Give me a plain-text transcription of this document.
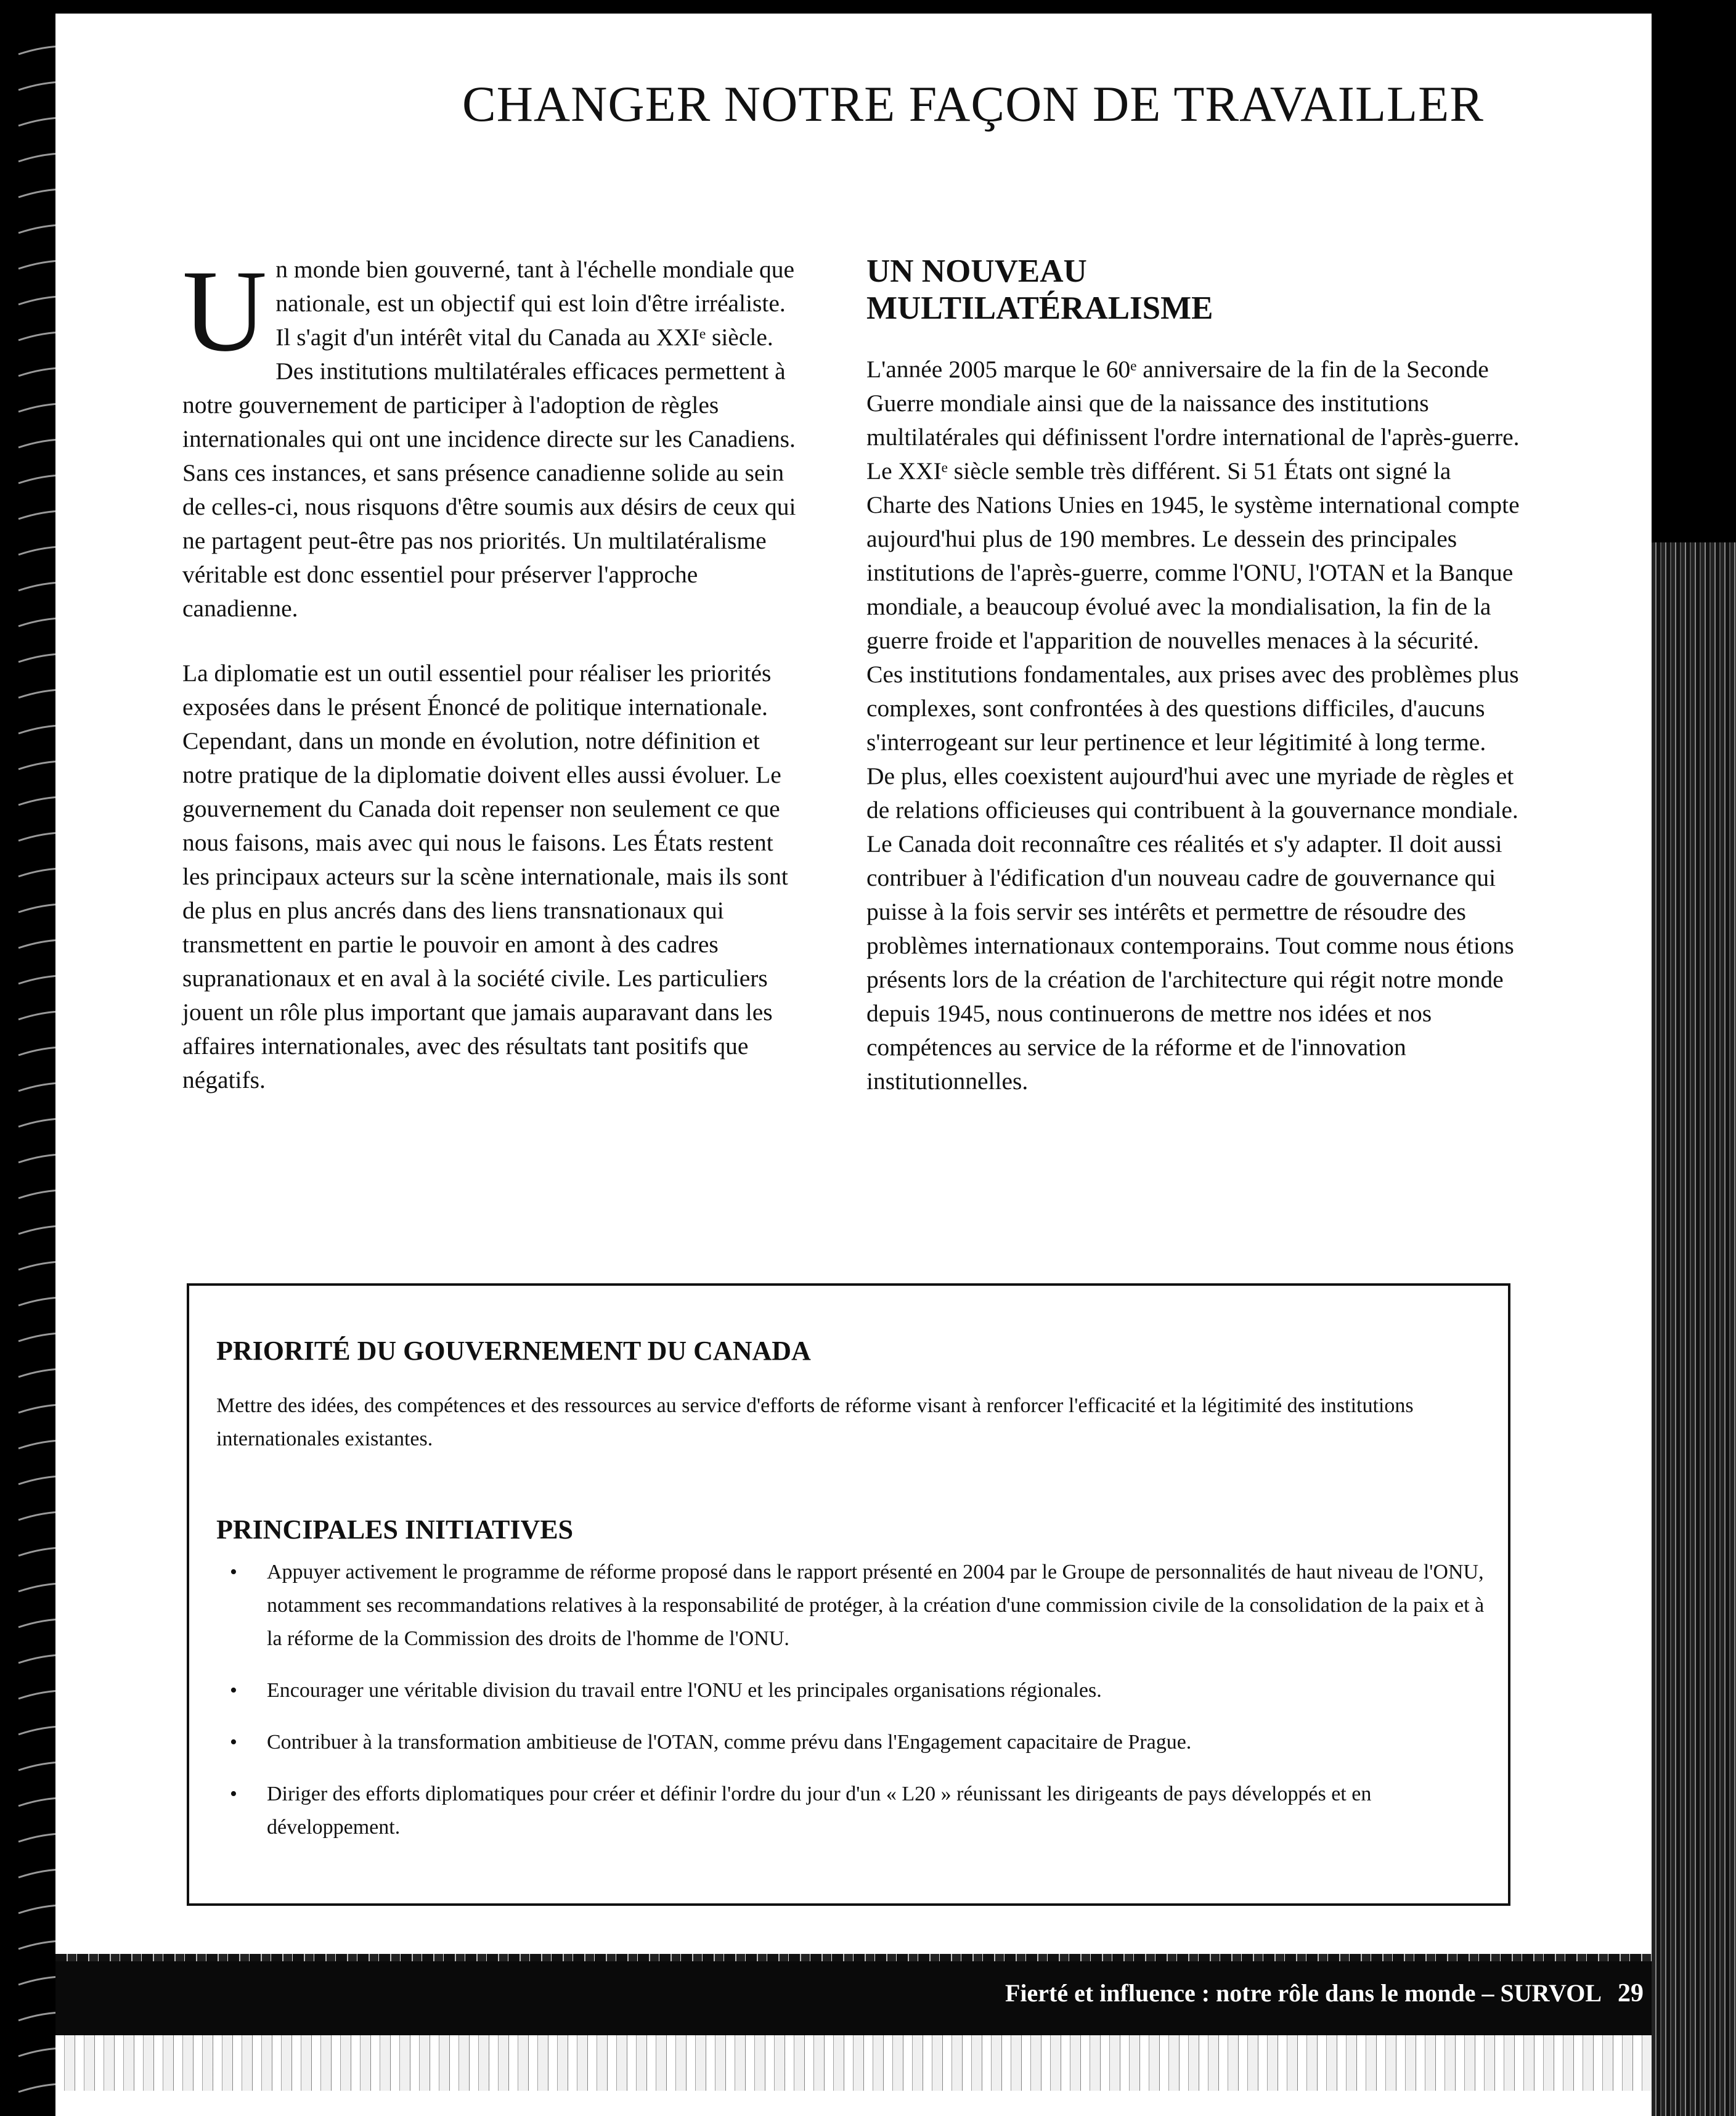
CHANGER NOTRE FAÇON DE TRAVAILLER

Un monde bien gouverné, tant à l'échelle mondiale que nationale, est un objectif qui est loin d'être irréaliste. Il s'agit d'un intérêt vital du Canada au XXIᵉ siècle. Des institutions multilatérales efficaces permettent à notre gouvernement de participer à l'adoption de règles internationales qui ont une incidence directe sur les Canadiens. Sans ces instances, et sans présence canadienne solide au sein de celles-ci, nous risquons d'être soumis aux désirs de ceux qui ne partagent peut-être pas nos priorités. Un multilatéralisme véritable est donc essentiel pour préserver l'approche canadienne.

La diplomatie est un outil essentiel pour réaliser les priorités exposées dans le présent Énoncé de politique internationale. Cependant, dans un monde en évolution, notre définition et notre pratique de la diplomatie doivent elles aussi évoluer. Le gouvernement du Canada doit repenser non seulement ce que nous faisons, mais avec qui nous le faisons. Les États restent les principaux acteurs sur la scène internationale, mais ils sont de plus en plus ancrés dans des liens transnationaux qui transmettent en partie le pouvoir en amont à des cadres supranationaux et en aval à la société civile. Les particuliers jouent un rôle plus important que jamais auparavant dans les affaires internationales, avec des résultats tant positifs que négatifs.

UN NOUVEAU MULTILATÉRALISME

L'année 2005 marque le 60ᵉ anniversaire de la fin de la Seconde Guerre mondiale ainsi que de la naissance des institutions multilatérales qui définissent l'ordre international de l'après-guerre. Le XXIᵉ siècle semble très différent. Si 51 États ont signé la Charte des Nations Unies en 1945, le système international compte aujourd'hui plus de 190 membres. Le dessein des principales institutions de l'après-guerre, comme l'ONU, l'OTAN et la Banque mondiale, a beaucoup évolué avec la mondialisation, la fin de la guerre froide et l'apparition de nouvelles menaces à la sécurité. Ces institutions fondamentales, aux prises avec des problèmes plus complexes, sont confrontées à des questions difficiles, d'aucuns s'interrogeant sur leur pertinence et leur légitimité à long terme. De plus, elles coexistent aujourd'hui avec une myriade de règles et de relations officieuses qui contribuent à la gouvernance mondiale. Le Canada doit reconnaître ces réalités et s'y adapter. Il doit aussi contribuer à l'édification d'un nouveau cadre de gouvernance qui puisse à la fois servir ses intérêts et permettre de résoudre des problèmes internationaux contemporains. Tout comme nous étions présents lors de la création de l'architecture qui régit notre monde depuis 1945, nous continuerons de mettre nos idées et nos compétences au service de la réforme et de l'innovation institutionnelles.

PRIORITÉ DU GOUVERNEMENT DU CANADA

Mettre des idées, des compétences et des ressources au service d'efforts de réforme visant à renforcer l'efficacité et la légitimité des institutions internationales existantes.

PRINCIPALES INITIATIVES
• Appuyer activement le programme de réforme proposé dans le rapport présenté en 2004 par le Groupe de personnalités de haut niveau de l'ONU, notamment ses recommandations relatives à la responsabilité de protéger, à la création d'une commission civile de la consolidation de la paix et à la réforme de la Commission des droits de l'homme de l'ONU.
• Encourager une véritable division du travail entre l'ONU et les principales organisations régionales.
• Contribuer à la transformation ambitieuse de l'OTAN, comme prévu dans l'Engagement capacitaire de Prague.
• Diriger des efforts diplomatiques pour créer et définir l'ordre du jour d'un « L20 » réunissant les dirigeants de pays développés et en développement.
Fierté et influence : notre rôle dans le monde – SURVOL 29
